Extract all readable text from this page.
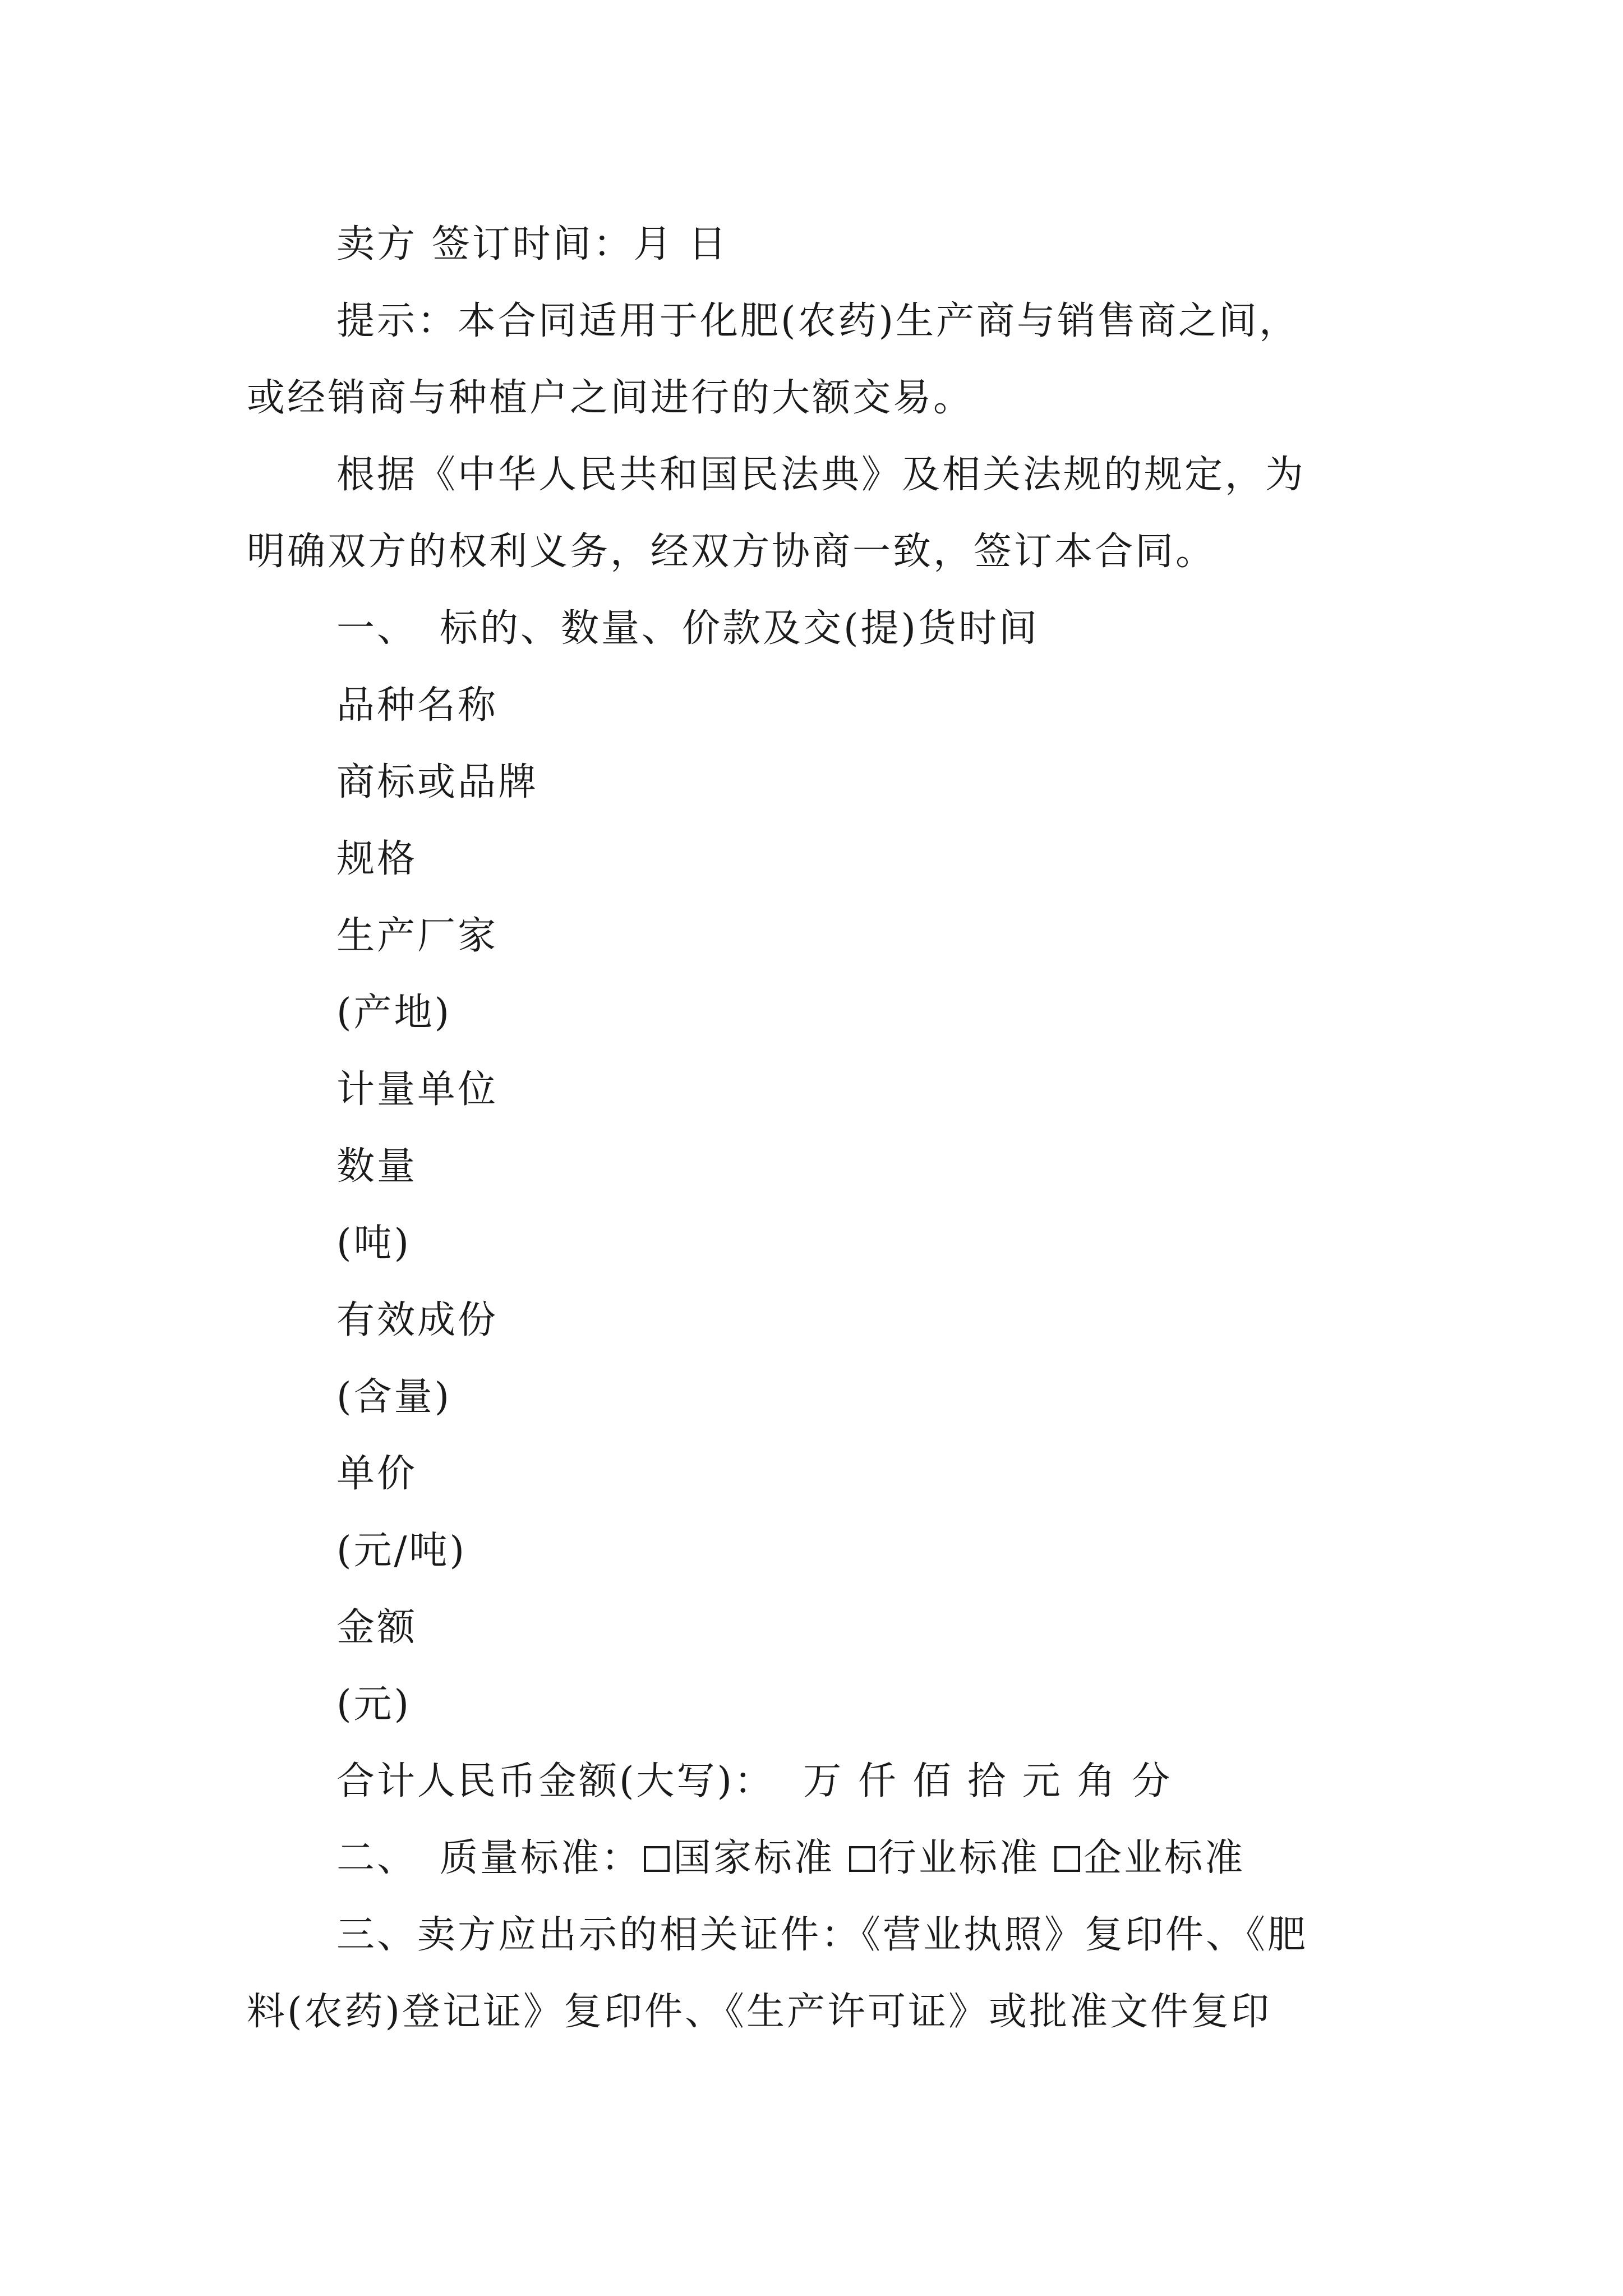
卖方 签订时间：月 日
提示：本合同适用于化肥(农药)生产商与销售商之间，
或经销商与种植户之间进行的大额交易。
根据《中华人民共和国民法典》及相关法规的规定，为
明确双方的权利义务，经双方协商一致，签订本合同。
一、 标的、数量、价款及交(提)货时间
品种名称
商标或品牌
规格
生产厂家
(产地)
计量单位
数量
(吨)
有效成份
(含量)
单价
(元/吨)
金额
(元)
合计人民币金额(大写)：  万 仟 佰 拾 元 角 分
二、 质量标准： 国家标准 行业标准 企业标准
三、卖方应出示的相关证件：《营业执照》复印件、《肥
料(农药)登记证》复印件、《生产许可证》或批准文件复印
